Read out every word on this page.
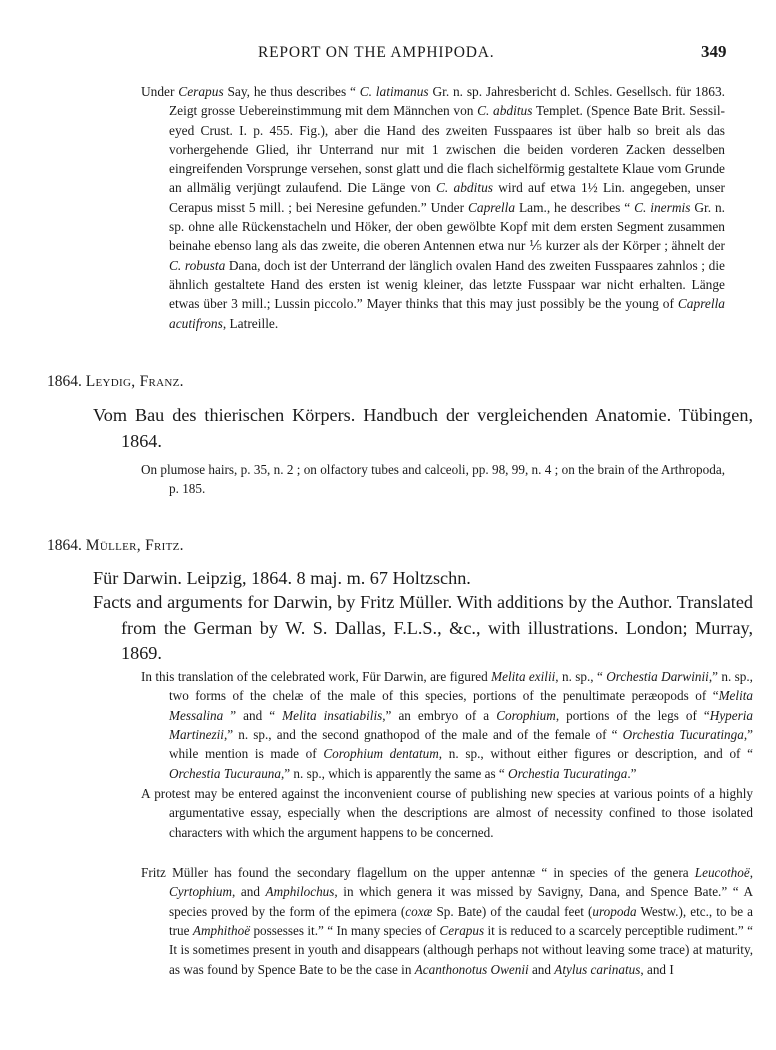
REPORT ON THE AMPHIPODA.	349

Under Cerapus Say, he thus describes “ C. latimanus Gr. n. sp. Jahresbericht d. Schles. Gesellsch. für 1863. Zeigt grosse Uebereinstimmung mit dem Männchen von C. abditus Templet. (Spence Bate Brit. Sessil-eyed Crust. I. p. 455. Fig.), aber die Hand des zweiten Fusspaares ist über halb so breit als das vorhergehende Glied, ihr Unterrand nur mit 1 zwischen die beiden vorderen Zacken desselben eingreifenden Vorsprunge versehen, sonst glatt und die flach sichelförmig gestaltete Klaue vom Grunde an allmälig verjüngt zulaufend. Die Länge von C. abditus wird auf etwa 1½ Lin. angegeben, unser Cerapus misst 5 mill. ; bei Neresine gefunden.” Under Caprella Lam., he describes “ C. inermis Gr. n. sp. ohne alle Rückenstacheln und Höker, der oben gewölbte Kopf mit dem ersten Segment zusammen beinahe ebenso lang als das zweite, die oberen Antennen etwa nur ⅕ kurzer als der Körper ; ähnelt der C. robusta Dana, doch ist der Unterrand der länglich ovalen Hand des zweiten Fusspaares zahnlos ; die ähnlich gestaltete Hand des ersten ist wenig kleiner, das letzte Fusspaar war nicht erhalten. Länge etwas über 3 mill.; Lussin piccolo.” Mayer thinks that this may just possibly be the young of Caprella acutifrons, Latreille.

1864. Leydig, Franz.

Vom Bau des thierischen Körpers. Handbuch der vergleichenden Anatomie. Tübingen, 1864.

On plumose hairs, p. 35, n. 2 ; on olfactory tubes and calceoli, pp. 98, 99, n. 4 ; on the brain of the Arthropoda, p. 185.

1864. Müller, Fritz.

Für Darwin. Leipzig, 1864. 8 maj. m. 67 Holtzschn.

Facts and arguments for Darwin, by Fritz Müller. With additions by the Author. Translated from the German by W. S. Dallas, F.L.S., &c., with illustrations. London; Murray, 1869.

In this translation of the celebrated work, Für Darwin, are figured Melita exilii, n. sp., “ Orchestia Darwinii,” n. sp., two forms of the chelæ of the male of this species, portions of the penultimate peræopods of “Melita Messalina ” and “ Melita insatiabilis,” an embryo of a Corophium, portions of the legs of “Hyperia Martinezii,” n. sp., and the second gnathopod of the male and of the female of “ Orchestia Tucuratinga,” while mention is made of Corophium dentatum, n. sp., without either figures or description, and of “ Orchestia Tucurauna,” n. sp., which is apparently the same as “ Orchestia Tucuratinga.”

A protest may be entered against the inconvenient course of publishing new species at various points of a highly argumentative essay, especially when the descriptions are almost of necessity confined to those isolated characters with which the argument happens to be concerned.

Fritz Müller has found the secondary flagellum on the upper antennæ “ in species of the genera Leucothoë, Cyrtophium, and Amphilochus, in which genera it was missed by Savigny, Dana, and Spence Bate.” “ A species proved by the form of the epimera (coxæ Sp. Bate) of the caudal feet (uropoda Westw.), etc., to be a true Amphithoë possesses it.” “ In many species of Cerapus it is reduced to a scarcely perceptible rudiment.” “ It is sometimes present in youth and disappears (although perhaps not without leaving some trace) at maturity, as was found by Spence Bate to be the case in Acanthonotus Owenii and Atylus carinatus, and I
